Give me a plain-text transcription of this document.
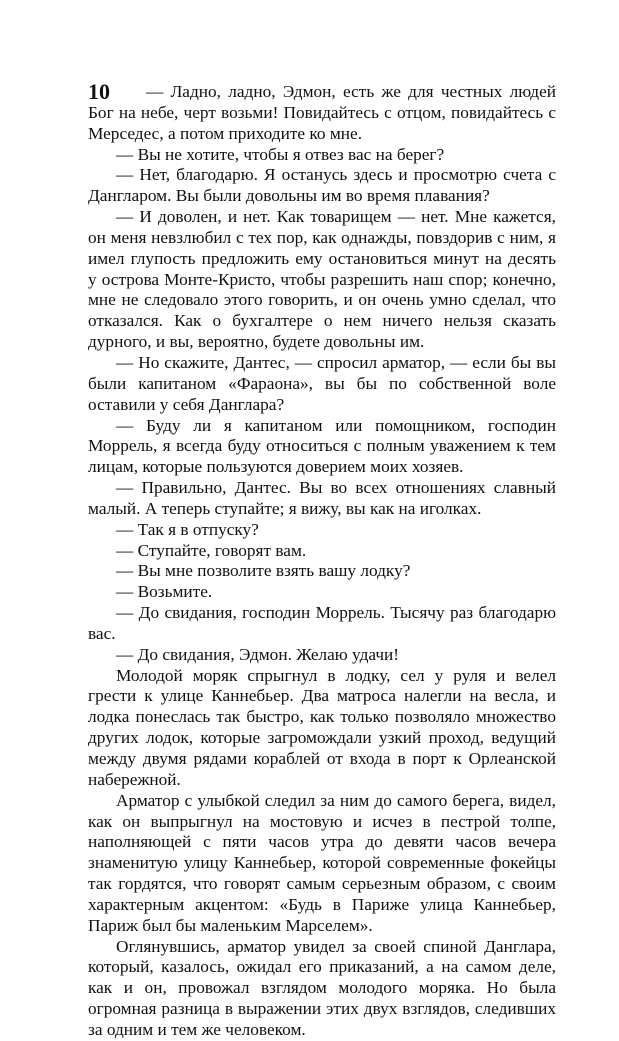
10	— Ладно, ладно, Эдмон, есть же для честных людей Бог на небе, черт возьми! Повидайтесь с отцом, повидайтесь с Мерседес, а потом приходите ко мне.

— Вы не хотите, чтобы я отвез вас на берег?

— Нет, благодарю. Я останусь здесь и просмотрю счета с Данглаpом. Вы были довольны им во время плавания?

— И доволен, и нет. Как товарищем — нет. Мне кажется, он меня невзлюбил с тех пор, как однажды, повздорив с ним, я имел глупость предложить ему остановиться минут на десять у острова Монте-Кристо, чтобы разрешить наш спор; конечно, мне не следовало этого говорить, и он очень умно сделал, что отказался. Как о бухгалтере о нем ничего нельзя сказать дурного, и вы, вероятно, будете довольны им.

— Но скажите, Дантес, — спросил арматор, — если бы вы были капитаном «Фараона», вы бы по собственной воле оставили у себя Данглара?

— Буду ли я капитаном или помощником, господин Моррель, я всегда буду относиться с полным уважением к тем лицам, которые пользуются доверием моих хозяев.

— Правильно, Дантес. Вы во всех отношениях славный малый. А теперь ступайте; я вижу, вы как на иголках.

— Так я в отпуску?

— Ступайте, говорят вам.

— Вы мне позволите взять вашу лодку?

— Возьмите.

— До свидания, господин Моррель. Тысячу раз благодарю вас.

— До свидания, Эдмон. Желаю удачи!

Молодой моряк спрыгнул в лодку, сел у руля и велел грести к улице Каннебьер. Два матроса налегли на весла, и лодка понеслась так быстро, как только позволяло множество других лодок, которые загромождали узкий проход, ведущий между двумя рядами кораблей от входа в порт к Орлеанской набережной.

Арматор с улыбкой следил за ним до самого берега, видел, как он выпрыгнул на мостовую и исчез в пестрой толпе, наполняющей с пяти часов утра до девяти часов вечера знаменитую улицу Каннебьер, которой современные фокейцы так гордятся, что говорят самым серьезным образом, с своим характерным акцентом: «Будь в Париже улица Каннебьер, Париж был бы маленьким Марселем».

Оглянувшись, арматор увидел за своей спиной Данглара, который, казалось, ожидал его приказаний, а на самом деле, как и он, провожал взглядом молодого моряка. Но была огромная разница в выражении этих двух взглядов, следивших за одним и тем же человеком.
